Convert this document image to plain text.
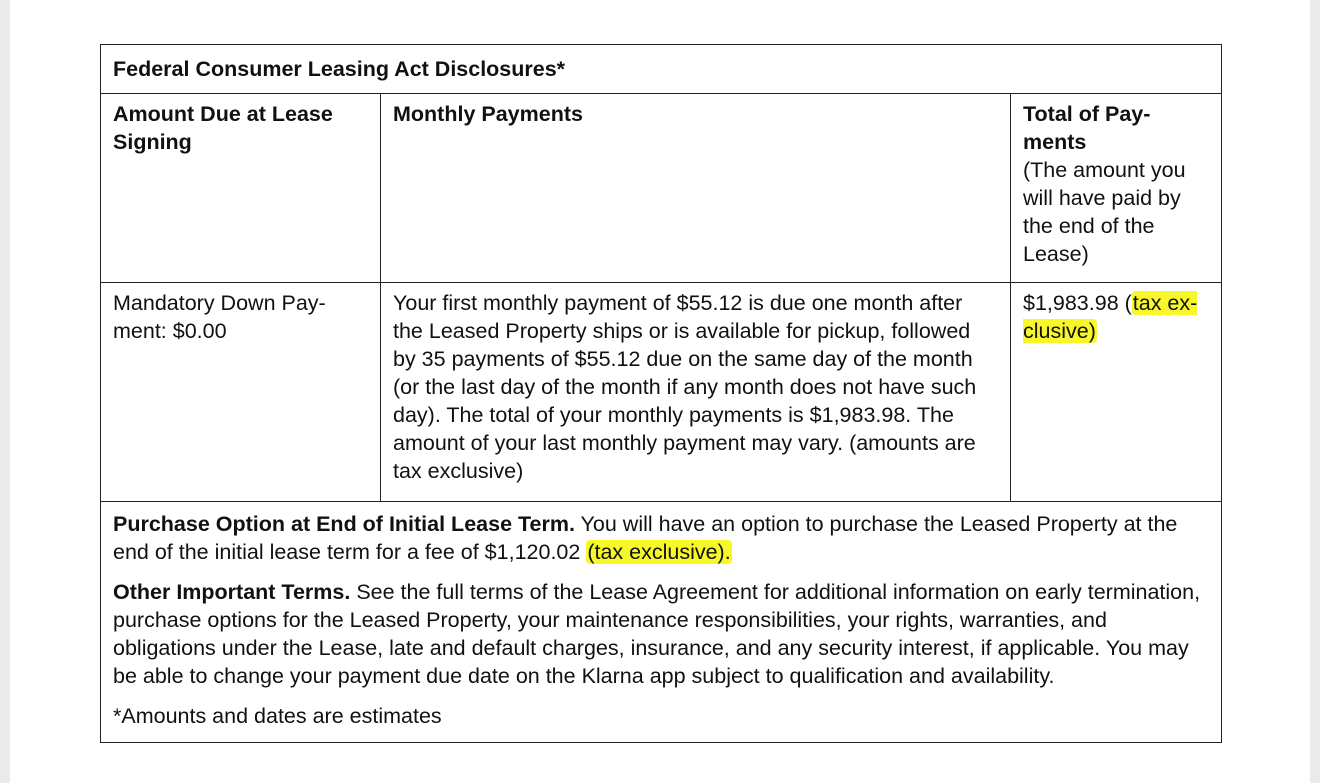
Federal Consumer Leasing Act Disclosures*
Amount Due at Lease Signing
Monthly Payments	Total of Pay- ments
(The amount you will have paid by the end of the Lease)
Mandatory Down Pay- ment: $0.00
Your first monthly payment of $55.12 is due one month after the Leased Property ships or is available for pickup, followed by 35 payments of $55.12 due on the same day of the month (or the last day of the month if any month does not have such day). The total of your monthly payments is $1,983.98. The amount of your last monthly payment may vary. (amounts are tax exclusive)
$1,983.98 (tax ex- clusive)

Purchase Option at End of Initial Lease Term. You will have an option to purchase the Leased Property at the end of the initial lease term for a fee of $1,120.02 (tax exclusive).

Other Important Terms. See the full terms of the Lease Agreement for additional information on early termination, purchase options for the Leased Property, your maintenance responsibilities, your rights, warranties, and obligations under the Lease, late and default charges, insurance, and any security interest, if applicable. You may be able to change your payment due date on the Klarna app subject to qualification and availability.

*Amounts and dates are estimates
